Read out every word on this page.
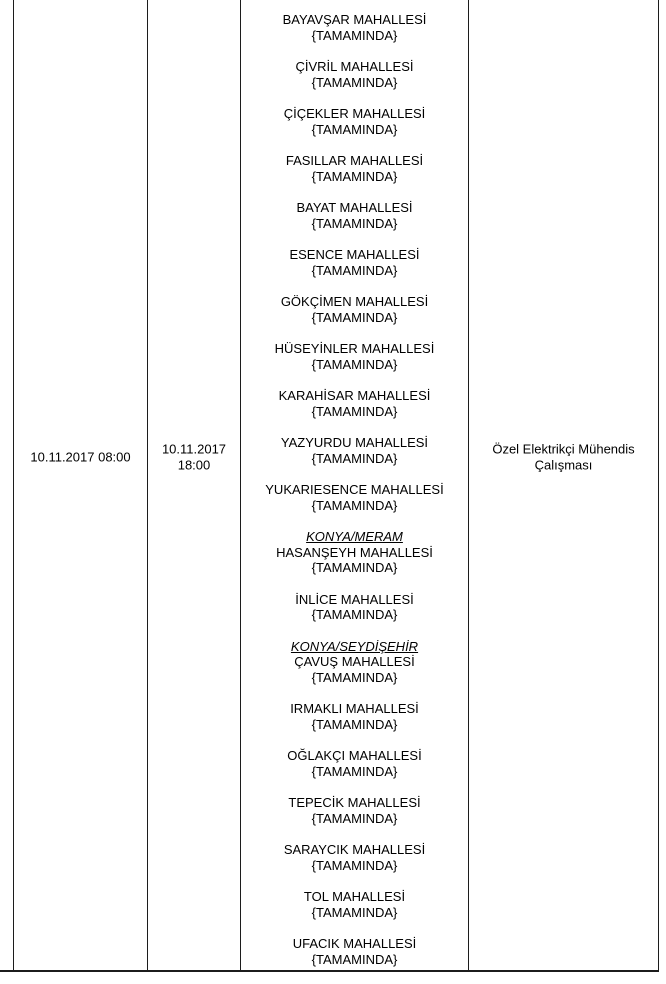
10.11.2017 08:00
10.11.2017 18:00
BAYAVŞAR MAHALLESİ
{TAMAMINDA}
ÇİVRİL MAHALLESİ
{TAMAMINDA}
ÇİÇEKLER MAHALLESİ
{TAMAMINDA}
FASILLAR MAHALLESİ
{TAMAMINDA}
BAYAT MAHALLESİ
{TAMAMINDA}
ESENCE MAHALLESİ
{TAMAMINDA}
GÖKÇİMEN MAHALLESİ
{TAMAMINDA}
HÜSEYİNLER MAHALLESİ
{TAMAMINDA}
KARAHİSAR MAHALLESİ
{TAMAMINDA}
YAZYURDU MAHALLESİ
{TAMAMINDA}
YUKARIESENCE MAHALLESİ
{TAMAMINDA}
KONYA/MERAM
HASANŞEYH MAHALLESİ
{TAMAMINDA}
İNLİCE MAHALLESİ
{TAMAMINDA}
KONYA/SEYDİŞEHİR
ÇAVUŞ MAHALLESİ
{TAMAMINDA}
IRMAKLI MAHALLESİ
{TAMAMINDA}
OĞLAKÇI MAHALLESİ
{TAMAMINDA}
TEPECİK MAHALLESİ
{TAMAMINDA}
SARAYCIK MAHALLESİ
{TAMAMINDA}
TOL MAHALLESİ
{TAMAMINDA}
UFACIK MAHALLESİ
{TAMAMINDA}
Özel Elektrikçi Mühendis Çalışması
